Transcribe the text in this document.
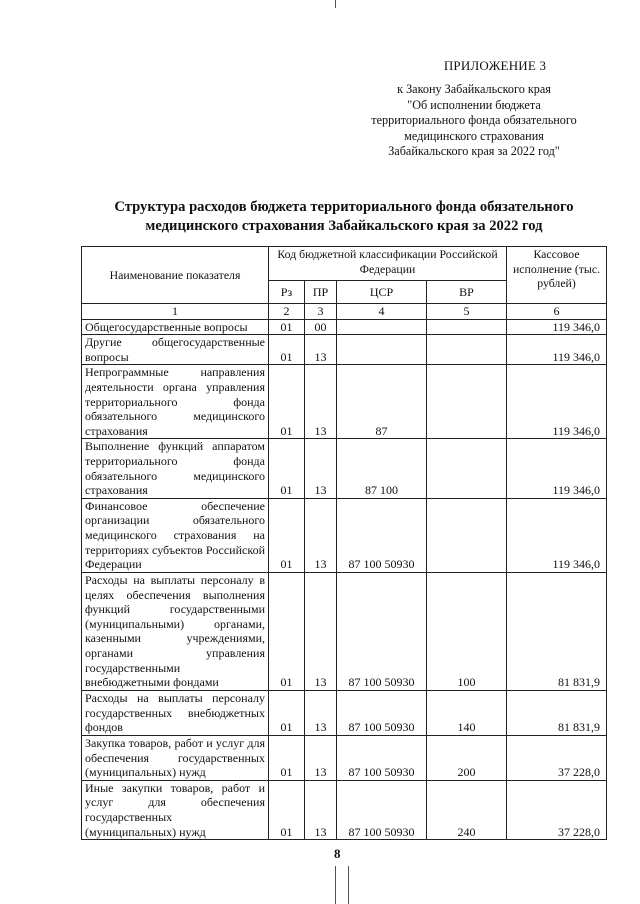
ПРИЛОЖЕНИЕ 3
к Закону Забайкальского края
"Об исполнении бюджета
территориального фонда обязательного
медицинского страхования
Забайкальского края за 2022 год"
Структура расходов бюджета территориального фонда обязательного
медицинского страхования Забайкальского края за 2022 год
Наименование показателя	Код бюджетной классификации Российской Федерации				Кассовое исполнение (тыс. рублей)
	Рз	ПР	ЦСР	ВР	
1	2	3	4	5	6
Общегосударственные вопросы	01	00			119 346,0
Другие общегосударственные вопросы	01	13			119 346,0
Непрограммные направления деятельности органа управления территориального фонда обязательного медицинского страхования	01	13	87		119 346,0
Выполнение функций аппаратом территориального фонда обязательного медицинского страхования	01	13	87 100		119 346,0
Финансовое обеспечение организации обязательного медицинского страхования на территориях субъектов Российской Федерации	01	13	87 100 50930		119 346,0
Расходы на выплаты персоналу в целях обеспечения выполнения функций государственными (муниципальными) органами, казенными учреждениями, органами управления государственными внебюджетными фондами	01	13	87 100 50930	100	81 831,9
Расходы на выплаты персоналу государственных внебюджетных фондов	01	13	87 100 50930	140	81 831,9
Закупка товаров, работ и услуг для обеспечения государственных (муниципальных) нужд	01	13	87 100 50930	200	37 228,0
Иные закупки товаров, работ и услуг для обеспечения государственных (муниципальных) нужд	01	13	87 100 50930	240	37 228,0
8
